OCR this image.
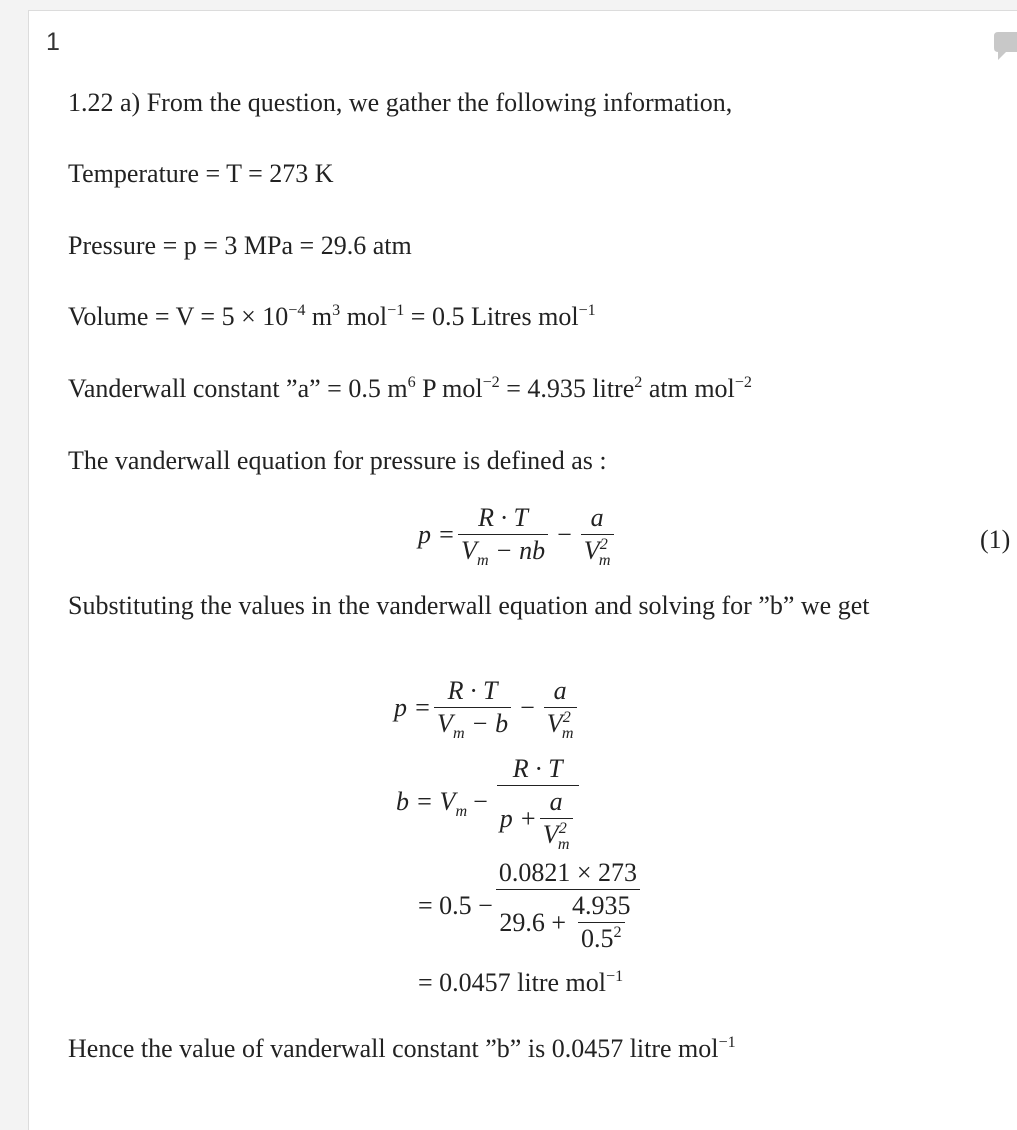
1
1.22 a) From the question, we gather the following information,
Temperature = T = 273 K
Pressure = p = 3 MPa = 29.6 atm
Volume = $V = 5 \times 10^{-4}$ $m^3$ mol$^{-1}$ = 0.5 Litres mol$^{-1}$
Vanderwall constant ”a” = 0.5 $m^6$ P mol$^{-2}$ = 4.935 litre$^2$ atm mol$^{-2}$
The vanderwall equation for pressure is defined as :
$p = \frac{R \cdot T}{V_m - nb} - \frac{a}{V^2_m}$	(1)
Substituting the values in the vanderwall equation and solving for ”b” we get
$p = \frac{R \cdot T}{V_m - b} - \frac{a}{V^2_m}$
$b = V_m - \frac{R \cdot T}{p + \frac{a}{V^2_m}}$
= $0.5 - \frac{0.0821 \times 273}{29.6 + \frac{4.935}{0.5^2}}$
= 0.0457 litre mol$^{-1}$
Hence the value of vanderwall constant ”b” is 0.0457 litre mol$^{-1}$
